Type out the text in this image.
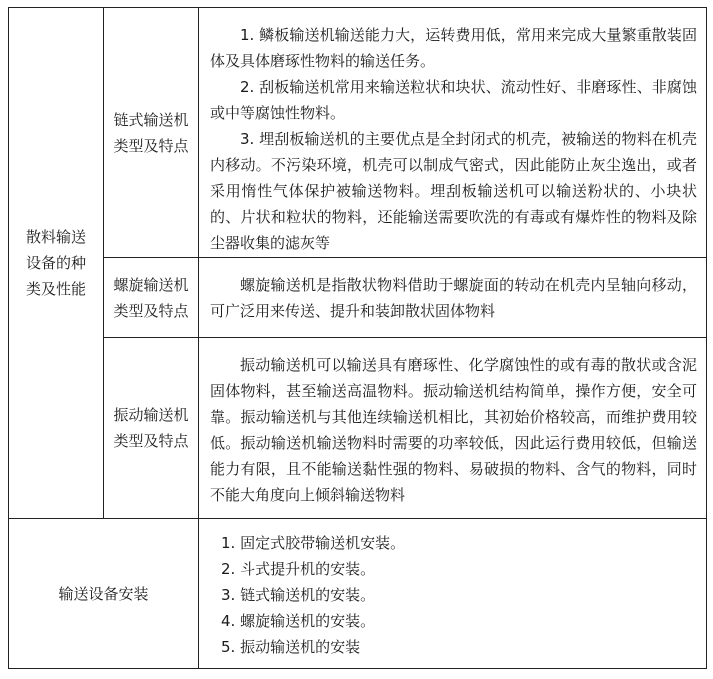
散料输送
设备的种
类及性能
链式输送机
类型及特点

1. 鳞板输送机输送能力大，运转费用低，常用来完成大量繁重散装固体及具体磨琢性物料的输送任务。

2. 刮板输送机常用来输送粒状和块状、流动性好、非磨琢性、非腐蚀或中等腐蚀性物料。

3. 埋刮板输送机的主要优点是全封闭式的机壳，被输送的物料在机壳内移动。不污染环境，机壳可以制成气密式，因此能防止灰尘逸出，或者采用惰性气体保护被输送物料。埋刮板输送机可以输送粉状的、小块状的、片状和粒状的物料，还能输送需要吹洗的有毒或有爆炸性的物料及除尘器收集的滤灰等

螺旋输送机
类型及特点

螺旋输送机是指散状物料借助于螺旋面的转动在机壳内呈轴向移动，可广泛用来传送、提升和装卸散状固体物料

振动输送机
类型及特点

振动输送机可以输送具有磨琢性、化学腐蚀性的或有毒的散状或含泥固体物料，甚至输送高温物料。振动输送机结构简单，操作方便，安全可靠。振动输送机与其他连续输送机相比，其初始价格较高，而维护费用较低。振动输送机输送物料时需要的功率较低，因此运行费用较低，但输送能力有限，且不能输送黏性强的物料、易破损的物料、含气的物料，同时不能大角度向上倾斜输送物料

输送设备安装

1. 固定式胶带输送机安装。

2. 斗式提升机的安装。

3. 链式输送机的安装。

4. 螺旋输送机的安装。

5. 振动输送机的安装
